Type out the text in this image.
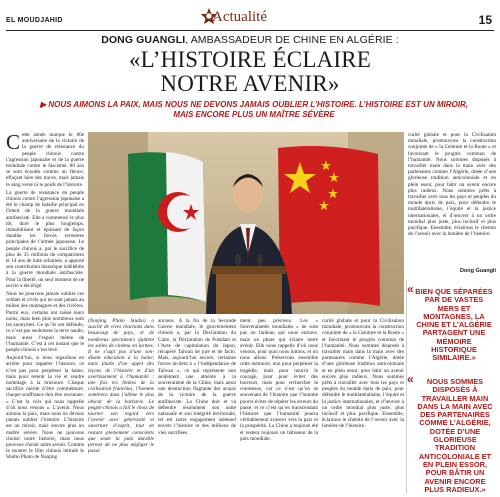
EL MOUDJAHID	Actualité	15
DONG GUANGLI, AMBASSADEUR DE CHINE EN ALGÉRIE :
«L’HISTOIRE ÉCLAIRE
NOTRE AVENIR»
▶ NOUS AIMONS LA PAIX, MAIS NOUS NE DEVONS JAMAIS OUBLIER L’HISTOIRE. L’HISTOIRE EST UN MIROIR, MAIS ENCORE PLUS UN MAÎTRE SÉVÈRE

Cette année marque le 80e anniversaire de la victoire de la guerre de résistance du peuple chinois contre l’agression japonaise et de la guerre mondiale contre le fascisme. 80 ans se sont écoulés comme un fleuve, effaçant bien des traces, mais jamais le sang versé ni le poids de l’histoire.

La guerre de résistance du peuple chinois contre l’agression japonaise a été le champ de bataille principal en Orient de la guerre mondiale antifasciste. Elle a commencé le plus tôt, duré le plus longtemps, immobilisant et épuisant de façon durable les forces terrestres principales de l’armée japonaise. Le peuple chinois a, par le sacrifice de plus de 35 millions de compatriotes et 14 ans de lutte acharnée, a apporté son contribution historique indélébile à la guerre mondiale antifasciste. Pour la liberté, un seul moment de ne survie a été érigé.

Nous ne pourrons jamais oublier ces soldats et civils qui ne sont jamais au milieu des montagnes et des rivières. Parmi eux, certains ont laissé leurs noms, mais bien plus nombreux sont les anonymes. Ce qu’ils ont défendu, ce n’est pas seulement la terre natale, mais aussi l’espoir même de l’humanité. C’est à cet instant que le peuple chinois s’est levé.

Aujourd’hui, si nous regardons en arrière pour rappeler l’histoire, ce n’est pas pour perpétuer la haine, mais pour retenir la vie et rendre hommage à la bravoure. Chaque sacrifice mérite d’être commémoré, chaque souffrance doit être reconnue. « C’est la voix qui nous rappelle d’où nous venons ». L’avenir. Nous aimons la paix, mais nous ne devons jamais oublier l’histoire. L’histoire est un miroir, mais encore plus un maître sévère. Nous ne pouvons choisir notre histoire, mais nous pouvons choisir notre avenir. Comme le montre le film chinois intitulé le Studio Photo de Nanjing

(Nanjing Photo Studio) a suscité de vives réactions dans beaucoup de pays, et de nombreux spectateurs quittent les salles de cinéma en larmes. Il ne s’agit pas d’une son-disant éducation à la haine, mais plutôt d’un appel des leçons de l’histoire et d’un avertissement à l’humanité : une fois les limites de la civilisation franchies, l’homme sombrera dans l’abîme le plus obscur de la barbarie. Le peuple chinois a fait le choix de tourner son regard vers l’avenir avec générosité et ouverture d’esprit, tout en restant pleinement conscients que seule la paix durable permet de ne plus négliger le passé.

anciens. À la fin de la Seconde Guerre mondiale, le gouvernement chinois a, par la Déclaration du Caire, la Déclaration de Potsdam et l’Acte de capitulation du Japon, récupéré Taïwan de jure et de facto. Mais, aujourd’hui encore, certaines forces incitent à « l’indépendance de Taïwan », ce qui représente non seulement une atteinte à la souveraineté de la Chine, mais aussi une destruction flagrante des acquis de la victoire de la guerre antifasciste. La Chine doit et va défendre résolument son unité nationale et son intégrité territoriale, tel est notre engagement solennel envers l’histoire et des millions de vies sacrifiées.

ment peu précieux. Les « Souverainetés mondiales » ne sont pas un fardeau qui nous entrave, mais un phare qui éclaire notre avenir. Elle nous rappelle d’où nous venons, pour quoi nous luttons, et où nous allons. Préservons ensemble cette mémoire, non pour perpétuer la tragédie, mais pour nourrir le courage, pour pour éviter des horreurs, mais pour rechercher le consensus, car ce n’est qu’en se souvenant de l’histoire que l’homme pourra éviter de répéter les erreurs du passé, et ce n’est qu’en transcendant l’histoire que l’humanité pourra véritablement avancer vers la paix et la prospérité. La Chine a toujours été et restera toujours un bâtisseur de la paix mondiale.

curité globale et pour la Civilisation mondiale, promouvons la construction conjointe de « la Ceinture et la Route » et favorisant le progrès commun de l’humanité. Nous sommes disposés à travailler main dans la main avec des partenaires comme l’Algérie, dotée d’une glorieuse tradition anticoloniale et en plein essor, pour bâtir un avenir encore plus radieux. Nous sommes prêts à travailler avec tous les pays et peuples du monde épris de paix, pour défendre le multilatéralisme, l’équité et la justice internationales, et d’œuvrer à un ordre mondial plus juste, plus inclusif et plus pacifique. Ensemble, éclairons le chemin de l’avenir avec la lumière de l’histoire.

curité globale et pour la Civilisation mondiale, promouvons la construction conjointe de « la Ceinture et la Route » et favorisant le progrès commun de l’humanité. Nous sommes disposés à travailler main dans la main avec des partenaires comme l’Algérie, dotée d’une glorieuse tradition anticoloniale et en plein essor, pour bâtir un avenir encore plus radieux. Nous sommes prêts à travailler avec tous les pays et peuples du monde épris de paix, pour défendre le multilatéralisme, l’équité et la justice internationales, et d’œuvrer à un ordre mondial plus juste, plus inclusif et plus pacifique. Ensemble, éclairons le chemin de l’avenir avec la lumière de l’histoire.

Dong Guangli
« BIEN QUE SÉPARÉES PAR DE VASTES MERS ET MONTAGNES, LA CHINE ET L’ALGÉRIE PARTAGENT UNE MÉMOIRE HISTORIQUE SIMILAIRE.»
«	NOUS SOMMES DISPOSÉS À TRAVAILLER MAIN DANS LA MAIN AVEC DES PARTENAIRES COMME L’ALGÉRIE, DOTÉE D’UNE GLORIEUSE TRADITION ANTICOLONIALE ET EN PLEIN ESSOR, POUR BÂTIR UN AVENIR ENCORE PLUS RADIEUX.»
